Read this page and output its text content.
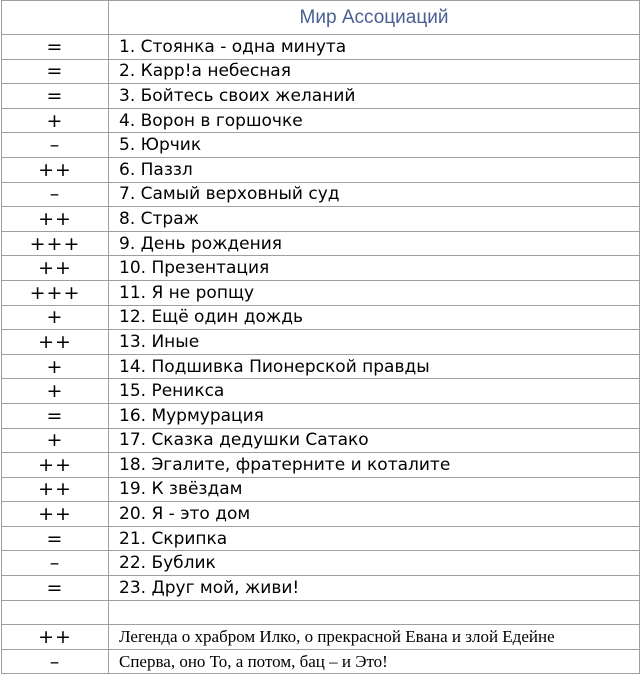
	Мир Ассоциаций
=	1. Стоянка - одна минута
=	2. Карр!а небесная
=	3. Бойтесь своих желаний
+	4. Ворон в горшочке
–	5. Юрчик
++	6. Паззл
–	7. Самый верховный суд
++	8. Страж
+++	9. День рождения
++	10. Презентация
+++	11. Я не ропщу
+	12. Ещё один дождь
++	13. Иные
+	14. Подшивка Пионерской правды
+	15. Реникса
=	16. Мурмурация
+	17. Сказка дедушки Сатако
++	18. Эгалите, фратерните и коталите
++	19. К звёздам
++	20. Я - это дом
=	21. Скрипка
–	22. Бублик
=	23. Друг мой, живи!

++	Легенда о храбром Илко, о прекрасной Евана и злой Едейне
–	Сперва, оно То, а потом, бац – и Это!
